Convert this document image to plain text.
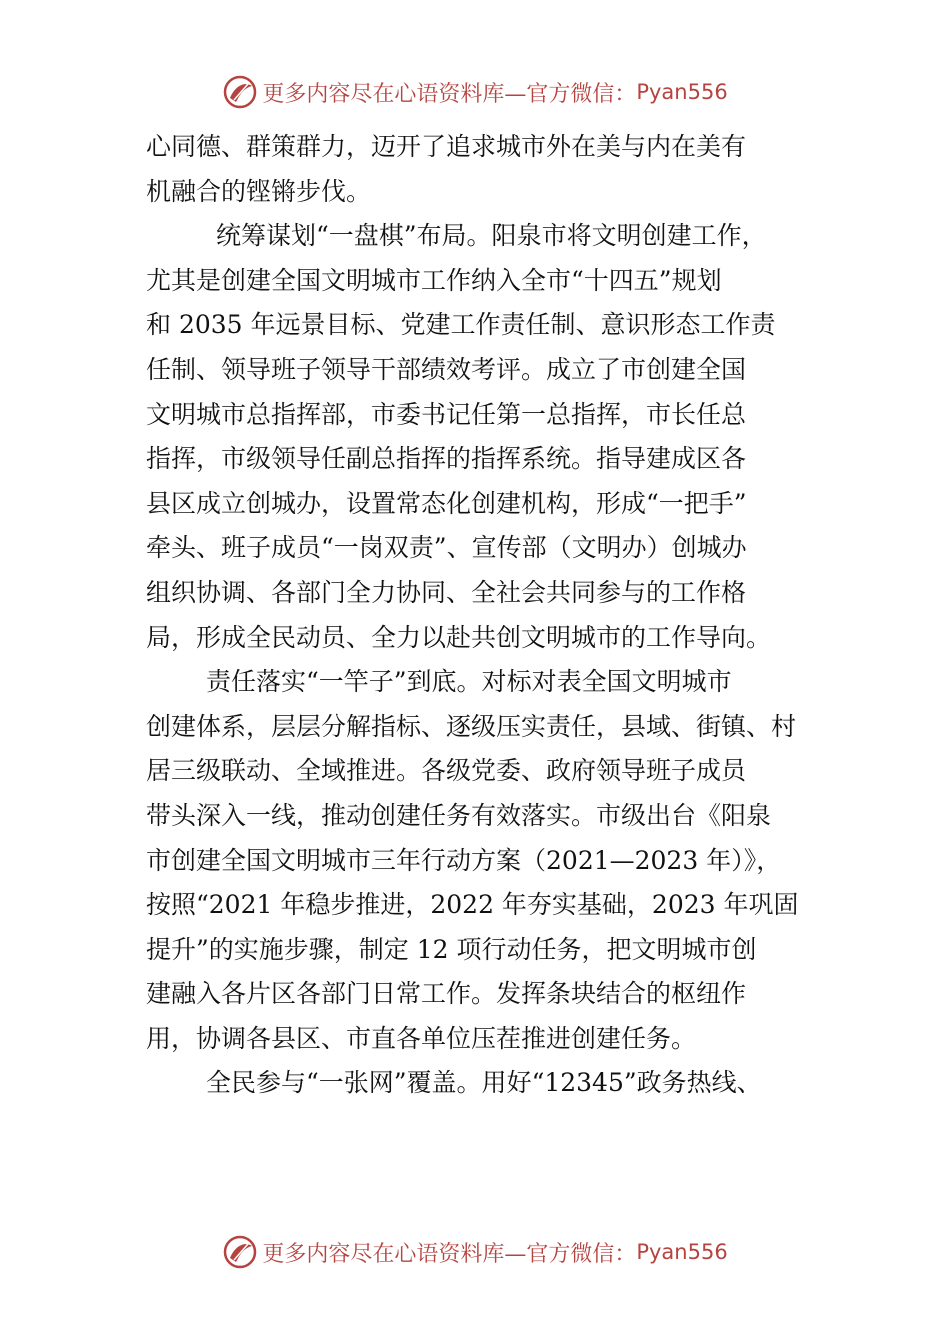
更多内容尽在心语资料库—官方微信： Pyan556
心同德、群策群力，迈开了追求城市外在美与内在美有
机融合的铿锵步伐。
统筹谋划“一盘棋”布局。阳泉市将文明创建工作，
尤其是创建全国文明城市工作纳入全市“十四五”规划
和 2035 年远景目标、党建工作责任制、意识形态工作责
任制、领导班子领导干部绩效考评。成立了市创建全国
文明城市总指挥部，市委书记任第一总指挥，市长任总
指挥，市级领导任副总指挥的指挥系统。指导建成区各
县区成立创城办，设置常态化创建机构，形成“一把手”
牵头、班子成员“一岗双责”、宣传部（文明办）创城办
组织协调、各部门全力协同、全社会共同参与的工作格
局，形成全民动员、全力以赴共创文明城市的工作导向。
责任落实“一竿子”到底。对标对表全国文明城市
创建体系，层层分解指标、逐级压实责任，县域、街镇、村
居三级联动、全域推进。各级党委、政府领导班子成员
带头深入一线，推动创建任务有效落实。市级出台《阳泉
市创建全国文明城市三年行动方案（2021—2023 年）》，
按照“2021 年稳步推进，2022 年夯实基础，2023 年巩固
提升”的实施步骤，制定 12 项行动任务，把文明城市创
建融入各片区各部门日常工作。发挥条块结合的枢纽作
用，协调各县区、市直各单位压茬推进创建任务。
全民参与“一张网”覆盖。用好“12345”政务热线、
更多内容尽在心语资料库—官方微信： Pyan556
